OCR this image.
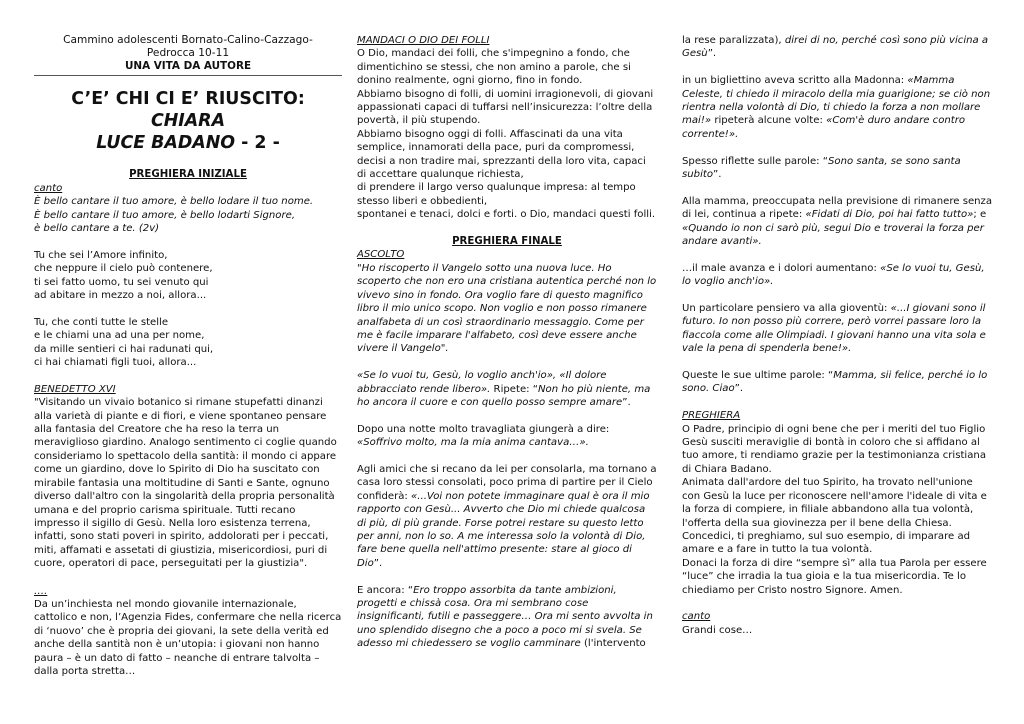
Cammino adolescenti Bornato-Calino-Cazzago-
Pedrocca 10-11
UNA VITA DA AUTORE
C’E’ CHI CI E’ RIUSCITO: CHIARA
LUCE BADANO - 2 -
PREGHIERA INIZIALE
canto

È bello cantare il tuo amore, è bello lodare il tuo nome.
È bello cantare il tuo amore, è bello lodarti Signore,
è bello cantare a te. (2v)

Tu che sei l’Amore infinito,
che neppure il cielo può contenere,
ti sei fatto uomo, tu sei venuto qui
ad abitare in mezzo a noi, allora...

Tu, che conti tutte le stelle
e le chiami una ad una per nome,
da mille sentieri ci hai radunati qui,
ci hai chiamati figli tuoi, allora...

BENEDETTO XVI

"Visitando un vivaio botanico si rimane stupefatti dinanzi alla varietà di piante e di fiori, e viene spontaneo pensare alla fantasia del Creatore che ha reso la terra un meraviglioso giardino. Analogo sentimento ci coglie quando consideriamo lo spettacolo della santità: il mondo ci appare come un giardino, dove lo Spirito di Dio ha suscitato con mirabile fantasia una moltitudine di Santi e Sante, ognuno diverso dall'altro con la singolarità della propria personalità umana e del proprio carisma spirituale. Tutti recano impresso il sigillo di Gesù. Nella loro esistenza terrena, infatti, sono stati poveri in spirito, addolorati per i peccati, miti, affamati e assetati di giustizia, misericordiosi, puri di cuore, operatori di pace, perseguitati per la giustizia".

….

Da un’inchiesta nel mondo giovanile internazionale, cattolico e non, l’Agenzia Fides, confermare che nella ricerca di ‘nuovo’ che è propria dei giovani, la sete della verità ed anche della santità non è un’utopia: i giovani non hanno paura – è un dato di fatto – neanche di entrare talvolta – dalla porta stretta…

MANDACI O DIO DEI FOLLI

O Dio, mandaci dei folli, che s'impegnino a fondo, che dimentichino se stessi, che non amino a parole, che si donino realmente, ogni giorno, fino in fondo.
Abbiamo bisogno di folli, di uomini irragionevoli, di giovani appassionati capaci di tuffarsi nell’insicurezza: l’oltre della povertà, il più stupendo.
Abbiamo bisogno oggi di folli. Affascinati da una vita semplice, innamorati della pace, puri da compromessi, decisi a non tradire mai, sprezzanti della loro vita, capaci di accettare qualunque richiesta,
di prendere il largo verso qualunque impresa: al tempo stesso liberi e obbedienti,
spontanei e tenaci, dolci e forti. o Dio, mandaci questi folli.

PREGHIERA FINALE
ASCOLTO

"Ho riscoperto il Vangelo sotto una nuova luce. Ho scoperto che non ero una cristiana autentica perché non lo vivevo sino in fondo. Ora voglio fare di questo magnifico libro il mio unico scopo. Non voglio e non posso rimanere analfabeta di un così straordinario messaggio. Come per me è facile imparare l'alfabeto, così deve essere anche vivere il Vangelo".

«Se lo vuoi tu, Gesù, lo voglio anch'io», «Il dolore abbracciato rende libero». Ripete: “Non ho più niente, ma ho ancora il cuore e con quello posso sempre amare”.

Dopo una notte molto travagliata giungerà a dire: «Soffrivo molto, ma la mia anima cantava…».

Agli amici che si recano da lei per consolarla, ma tornano a casa loro stessi consolati, poco prima di partire per il Cielo confiderà: «...Voi non potete immaginare qual è ora il mio rapporto con Gesù... Avverto che Dio mi chiede qualcosa di più, di più grande. Forse potrei restare su questo letto per anni, non lo so. A me interessa solo la volontà di Dio, fare bene quella nell'attimo presente: stare al gioco di Dio”.

E ancora: “Ero troppo assorbita da tante ambizioni, progetti e chissà cosa. Ora mi sembrano cose insignificanti, futili e passeggere… Ora mi sento avvolta in uno splendido disegno che a poco a poco mi si svela. Se adesso mi chiedessero se voglio camminare (l'intervento

la rese paralizzata), direi di no, perché così sono più vicina a Gesù”.

in un bigliettino aveva scritto alla Madonna: «Mamma Celeste, ti chiedo il miracolo della mia guarigione; se ciò non rientra nella volontà di Dio, ti chiedo la forza a non mollare mai!» ripeterà alcune volte: «Com'è duro andare contro corrente!».

Spesso riflette sulle parole: “Sono santa, se sono santa subito”.

Alla mamma, preoccupata nella previsione di rimanere senza di lei, continua a ripete: «Fidati di Dio, poi hai fatto tutto»; e «Quando io non ci sarò più, segui Dio e troverai la forza per andare avanti».

…il male avanza e i dolori aumentano: «Se lo vuoi tu, Gesù, lo voglio anch'io».

Un particolare pensiero va alla gioventù: «...I giovani sono il futuro. Io non posso più correre, però vorrei passare loro la fiaccola come alle Olimpiadi. I giovani hanno una vita sola e vale la pena di spenderla bene!».

Queste le sue ultime parole: “Mamma, sii felice, perché io lo sono. Ciao”.

PREGHIERA

O Padre, principio di ogni bene che per i meriti del tuo Figlio Gesù susciti meraviglie di bontà in coloro che si affidano al tuo amore, ti rendiamo grazie per la testimonianza cristiana di Chiara Badano.
Animata dall'ardore del tuo Spirito, ha trovato nell'unione con Gesù la luce per riconoscere nell'amore l'ideale di vita e la forza di compiere, in filiale abbandono alla tua volontà, l'offerta della sua giovinezza per il bene della Chiesa.
Concedici, ti preghiamo, sul suo esempio, di imparare ad amare e a fare in tutto la tua volontà.
Donaci la forza di dire “sempre sì” alla tua Parola per essere “luce” che irradia la tua gioia e la tua misericordia. Te lo chiediamo per Cristo nostro Signore. Amen.

canto
Grandi cose…
